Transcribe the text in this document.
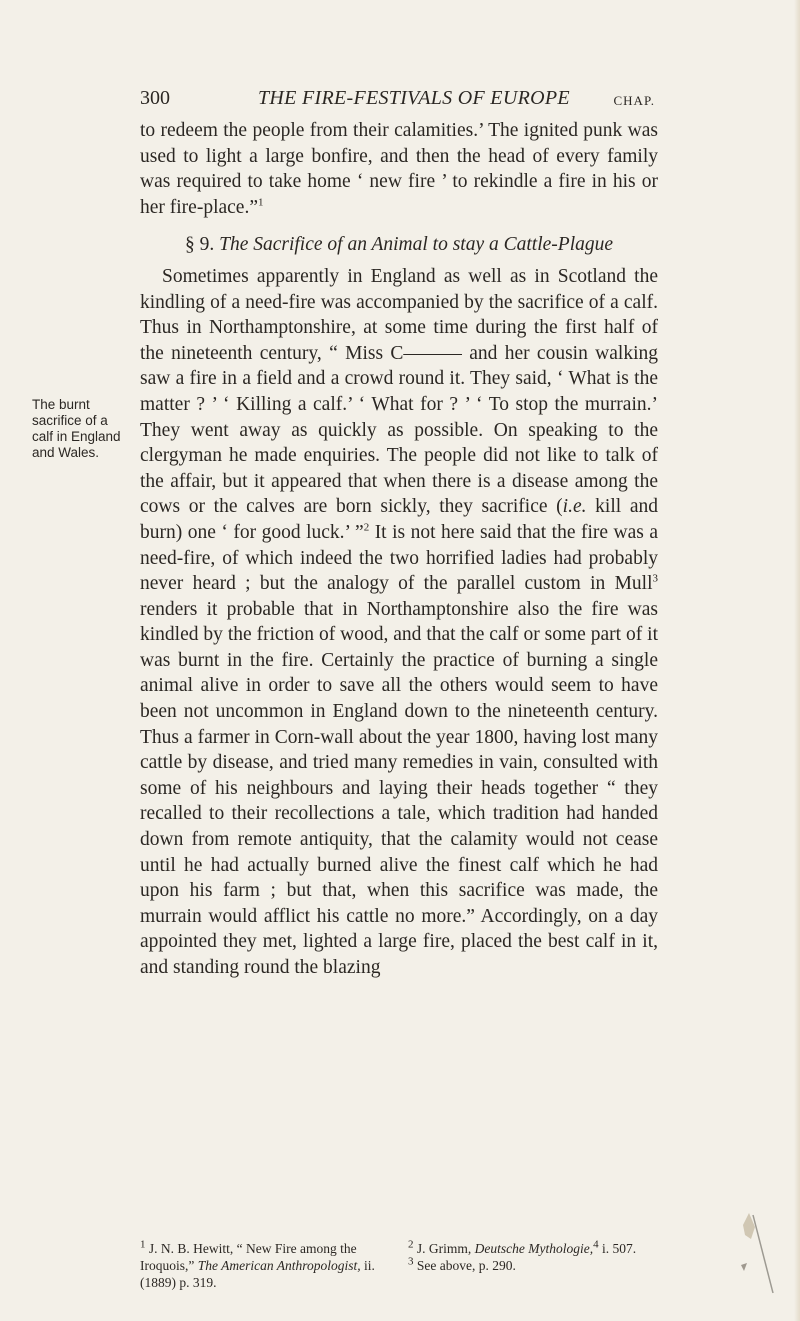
300	THE FIRE-FESTIVALS OF EUROPE	CHAP.
The burnt sacrifice of a calf in England and Wales.

to redeem the people from their calamities.’ The ignited punk was used to light a large bonfire, and then the head of every family was required to take home ‘ new fire ’ to rekindle a fire in his or her fire-place.”$^1$

§ 9. The Sacrifice of an Animal to stay a Cattle-Plague

Sometimes apparently in England as well as in Scotland the kindling of a need-fire was accompanied by the sacrifice of a calf. Thus in Northamptonshire, at some time during the first half of the nineteenth century, “ Miss C——— and her cousin walking saw a fire in a field and a crowd round it. They said, ‘ What is the matter ? ’ ‘ Killing a calf.’ ‘ What for ? ’ ‘ To stop the murrain.’ They went away as quickly as possible. On speaking to the clergyman he made enquiries. The people did not like to talk of the affair, but it appeared that when there is a disease among the cows or the calves are born sickly, they sacrifice (i.e. kill and burn) one ‘ for good luck.’ ”$^2$ It is not here said that the fire was a need-fire, of which indeed the two horrified ladies had probably never heard ; but the analogy of the parallel custom in Mull$^3$ renders it probable that in Northamptonshire also the fire was kindled by the friction of wood, and that the calf or some part of it was burnt in the fire. Certainly the practice of burning a single animal alive in order to save all the others would seem to have been not uncommon in England down to the nineteenth century. Thus a farmer in Corn-wall about the year 1800, having lost many cattle by disease, and tried many remedies in vain, consulted with some of his neighbours and laying their heads together “ they recalled to their recollections a tale, which tradition had handed down from remote antiquity, that the calamity would not cease until he had actually burned alive the finest calf which he had upon his farm ; but that, when this sacrifice was made, the murrain would afflict his cattle no more.” Accordingly, on a day appointed they met, lighted a large fire, placed the best calf in it, and standing round the blazing

$^1$ J. N. B. Hewitt, “ New Fire among the Iroquois,” The American Anthropologist, ii. (1889) p. 319.
$^2$ J. Grimm, Deutsche Mythologie,$^4$ i. 507.
$^3$ See above, p. 290.
